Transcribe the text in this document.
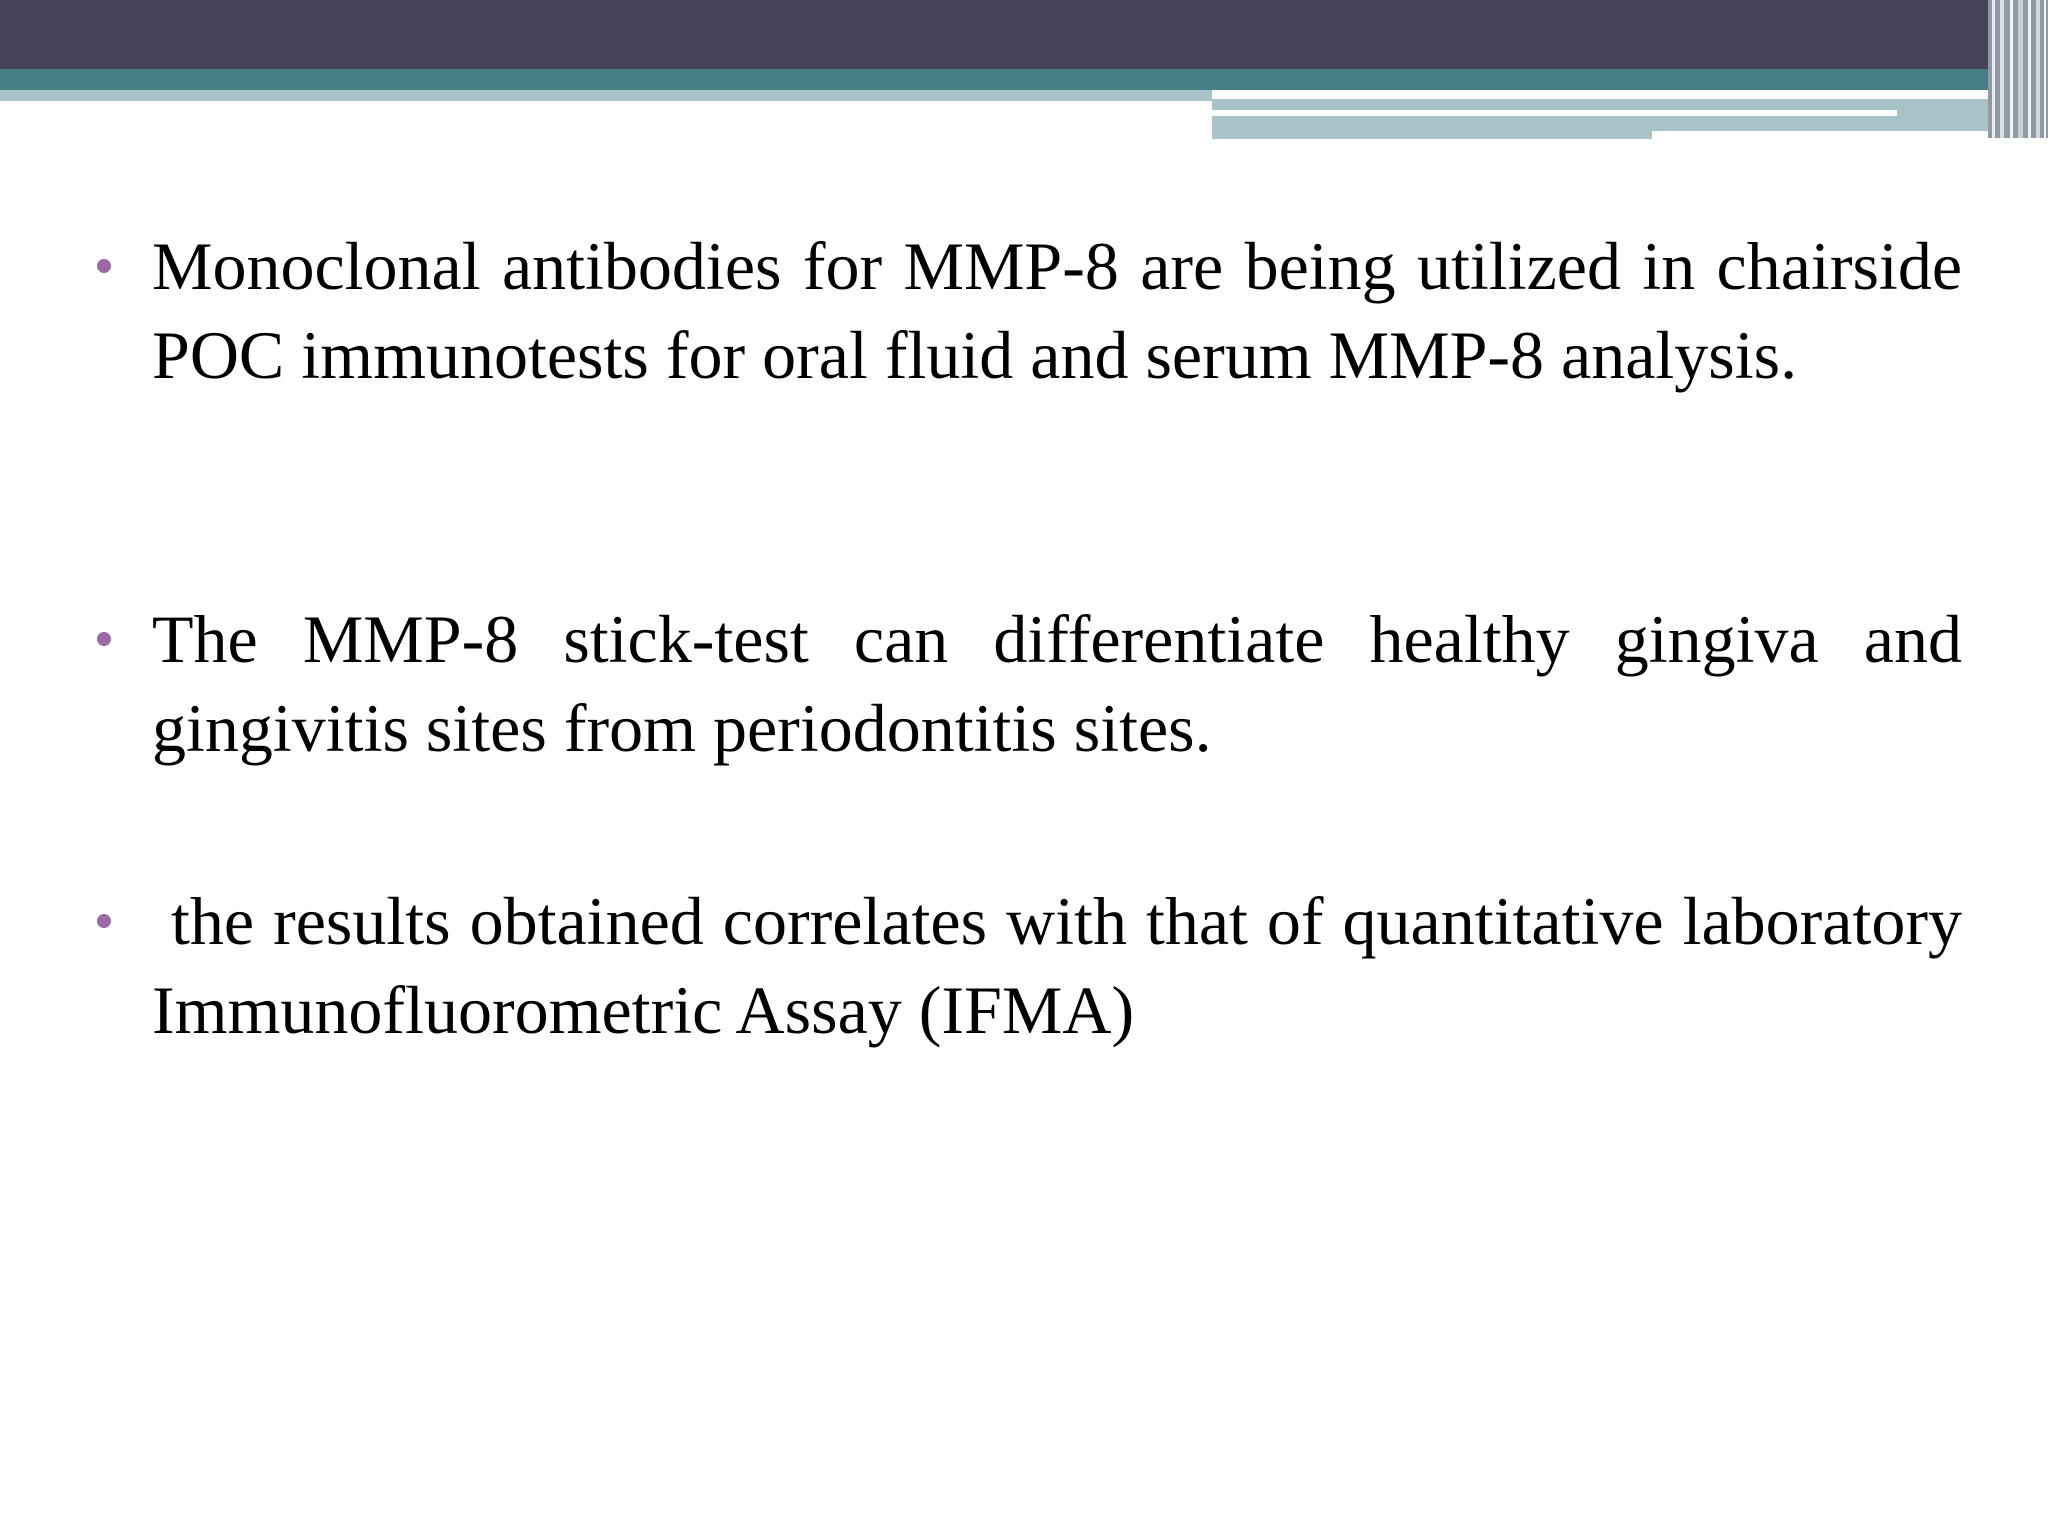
Monoclonal antibodies for MMP-8 are being utilized in chairside POC immunotests for oral fluid and serum MMP-8 analysis.
The MMP-8 stick-test can differentiate healthy gingiva and gingivitis sites from periodontitis sites.
the results obtained correlates with that of quantitative laboratory Immunofluorometric Assay (IFMA)
